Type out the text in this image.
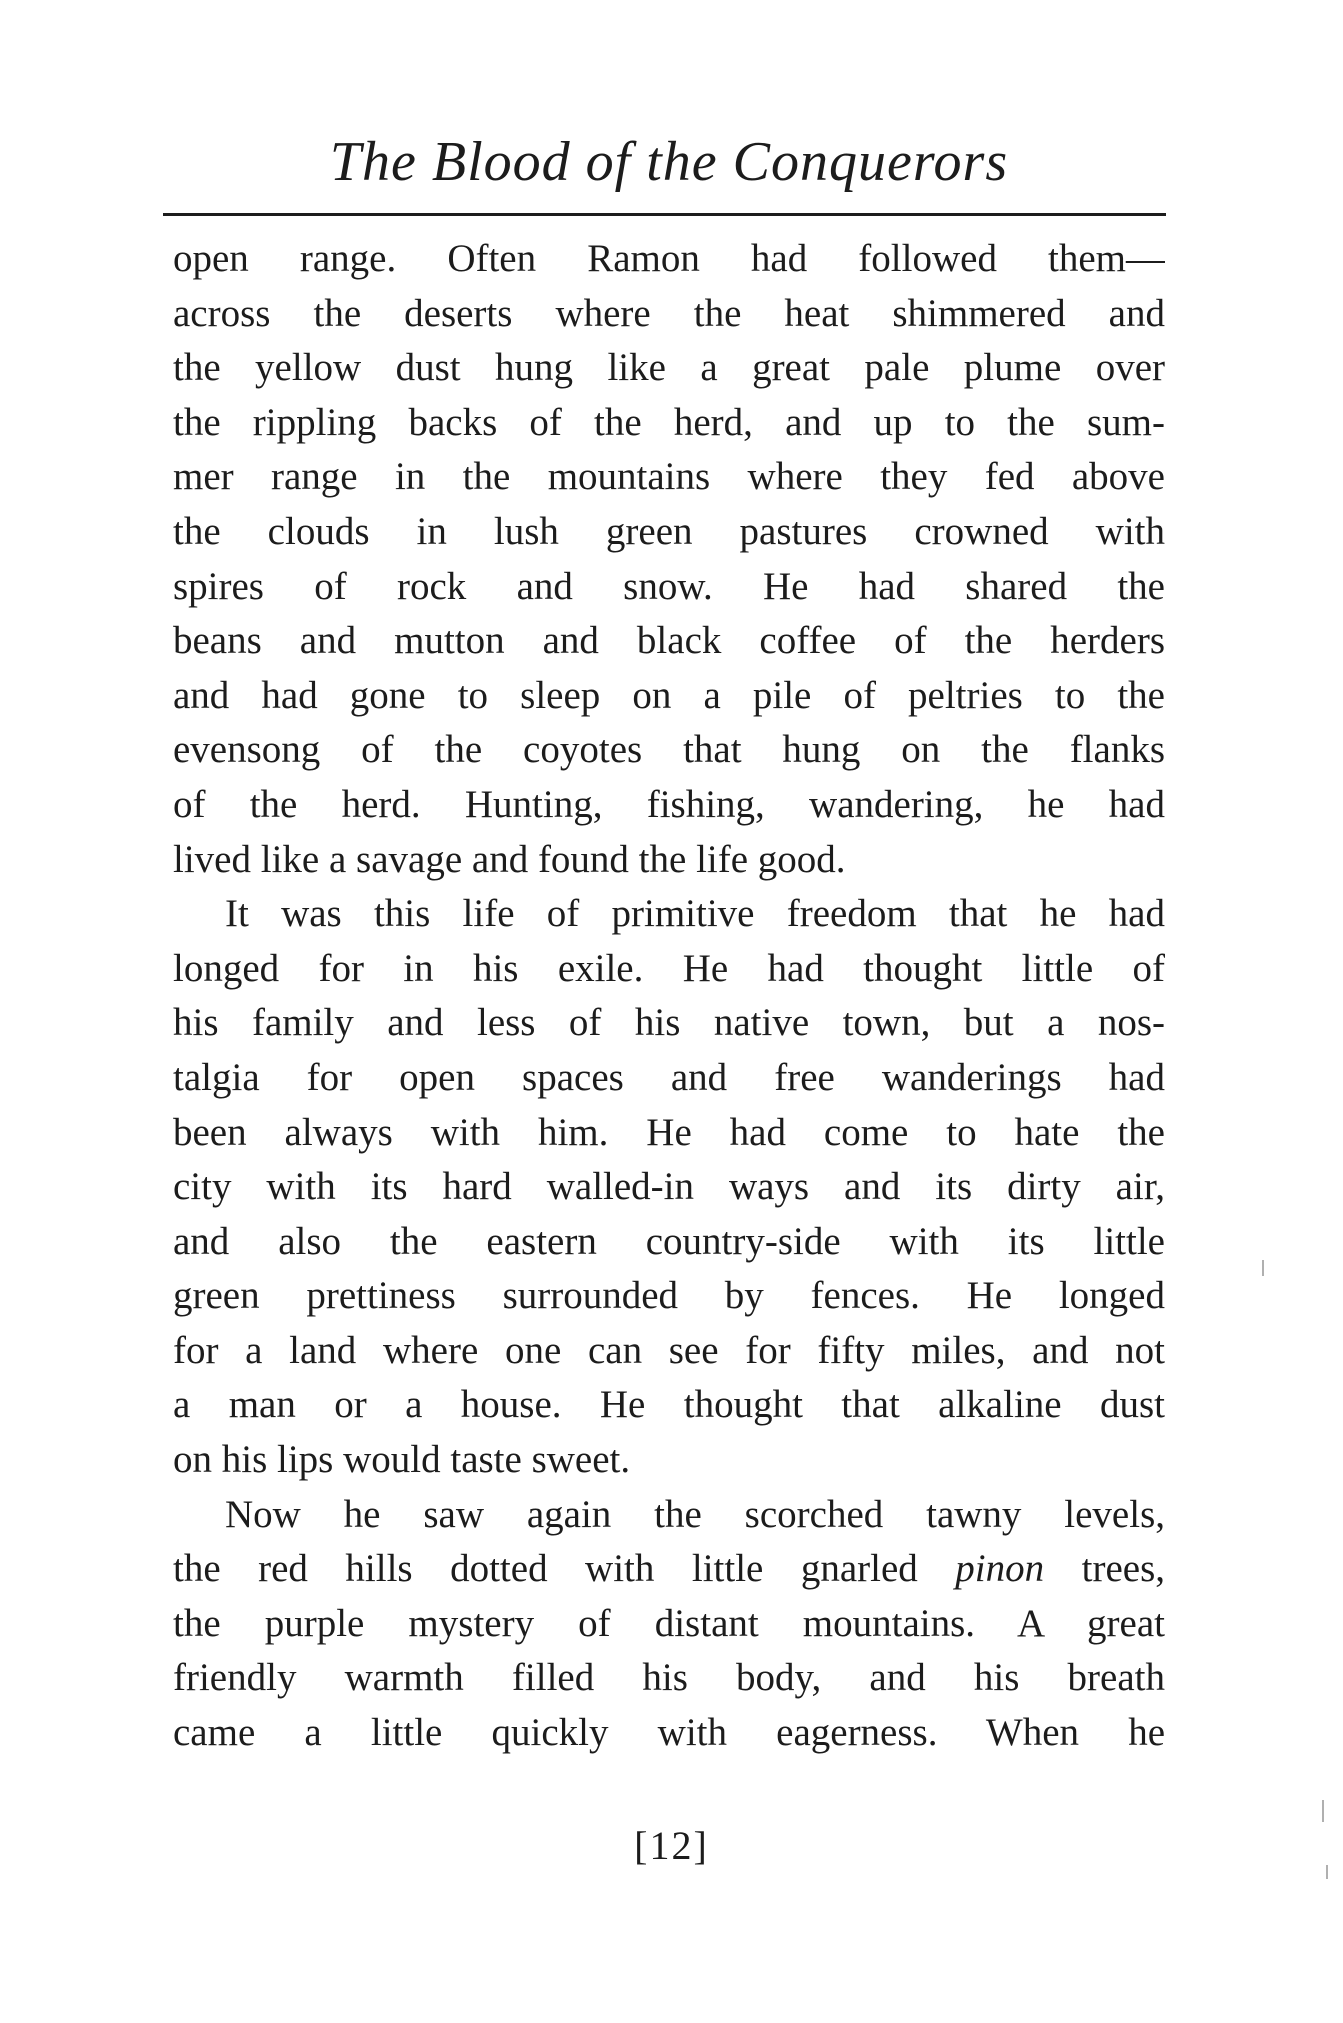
The Blood of the Conquerors
open range. Often Ramon had followed them—
across the deserts where the heat shimmered and
the yellow dust hung like a great pale plume over
the rippling backs of the herd, and up to the sum-
mer range in the mountains where they fed above
the clouds in lush green pastures crowned with
spires of rock and snow. He had shared the
beans and mutton and black coffee of the herders
and had gone to sleep on a pile of peltries to the
evensong of the coyotes that hung on the flanks
of the herd. Hunting, fishing, wandering, he had
lived like a savage and found the life good.
It was this life of primitive freedom that he had
longed for in his exile. He had thought little of
his family and less of his native town, but a nos-
talgia for open spaces and free wanderings had
been always with him. He had come to hate the
city with its hard walled-in ways and its dirty air,
and also the eastern country-side with its little
green prettiness surrounded by fences. He longed
for a land where one can see for fifty miles, and not
a man or a house. He thought that alkaline dust
on his lips would taste sweet.
Now he saw again the scorched tawny levels,
the red hills dotted with little gnarled pinon trees,
the purple mystery of distant mountains. A great
friendly warmth filled his body, and his breath
came a little quickly with eagerness. When he
[12]
